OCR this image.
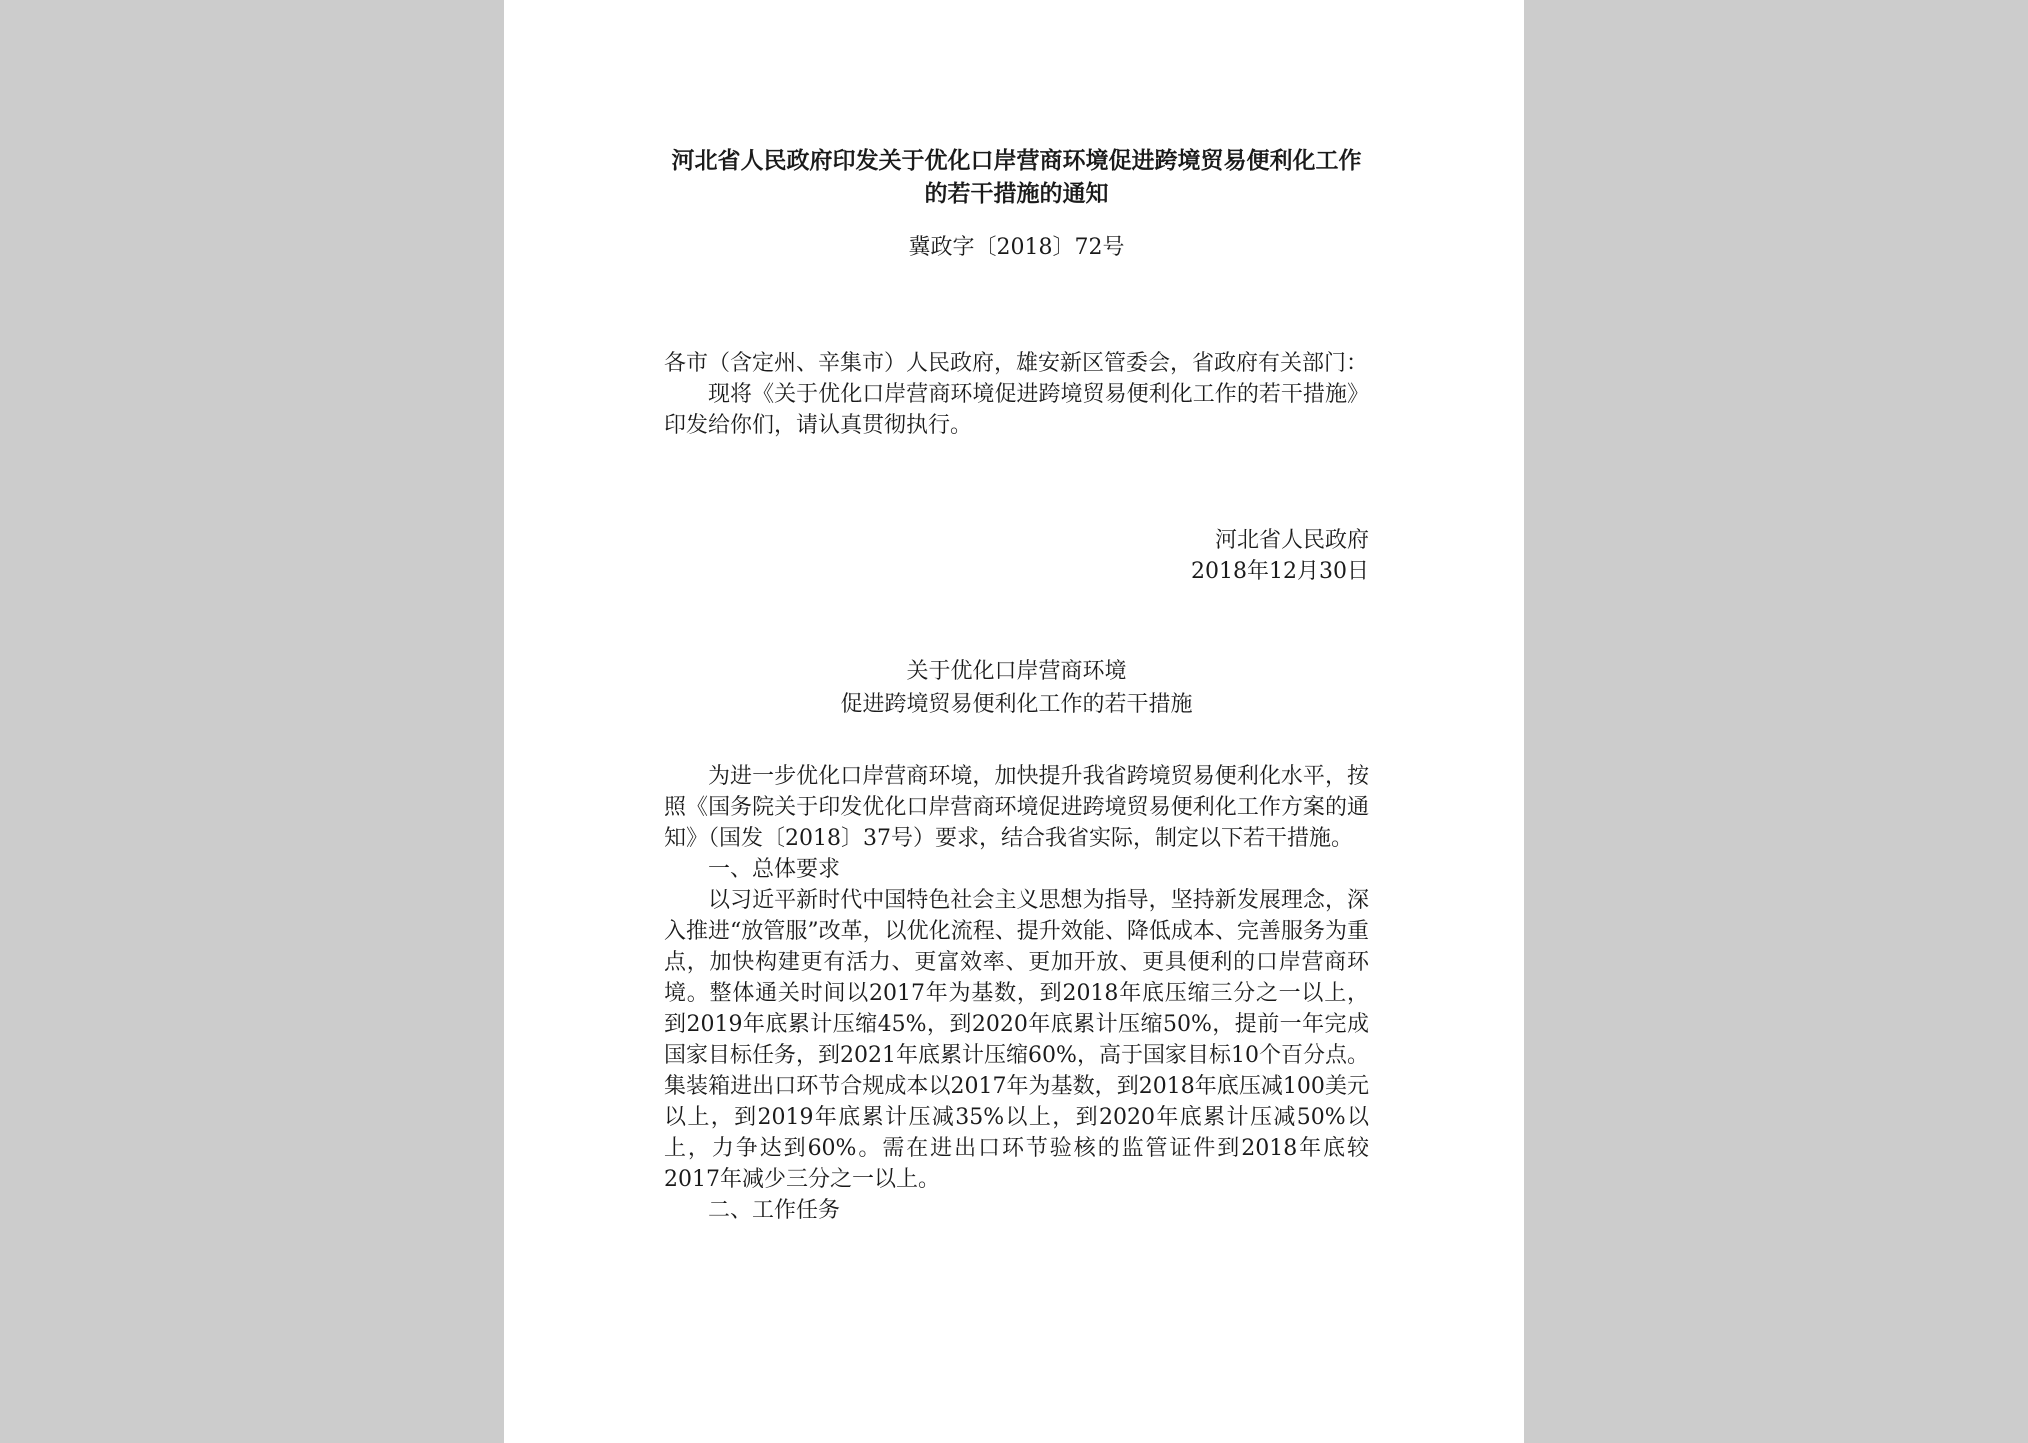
河北省人民政府印发关于优化口岸营商环境促进跨境贸易便利化工作的若干措施的通知

冀政字〔2018〕72号

各市（含定州、辛集市）人民政府，雄安新区管委会，省政府有关部门：

现将《关于优化口岸营商环境促进跨境贸易便利化工作的若干措施》印发给你们，请认真贯彻执行。

河北省人民政府

2018年12月30日

关于优化口岸营商环境

促进跨境贸易便利化工作的若干措施

为进一步优化口岸营商环境，加快提升我省跨境贸易便利化水平，按照《国务院关于印发优化口岸营商环境促进跨境贸易便利化工作方案的通知》（国发〔2018〕37号）要求，结合我省实际，制定以下若干措施。

一、总体要求

以习近平新时代中国特色社会主义思想为指导，坚持新发展理念，深入推进“放管服”改革，以优化流程、提升效能、降低成本、完善服务为重点，加快构建更有活力、更富效率、更加开放、更具便利的口岸营商环境。整体通关时间以2017年为基数，到2018年底压缩三分之一以上，到2019年底累计压缩45%，到2020年底累计压缩50%，提前一年完成国家目标任务，到2021年底累计压缩60%，高于国家目标10个百分点。集装箱进出口环节合规成本以2017年为基数，到2018年底压减100美元以上，到2019年底累计压减35%以上，到2020年底累计压减50%以上，力争达到60%。需在进出口环节验核的监管证件到2018年底较2017年减少三分之一以上。

二、工作任务
